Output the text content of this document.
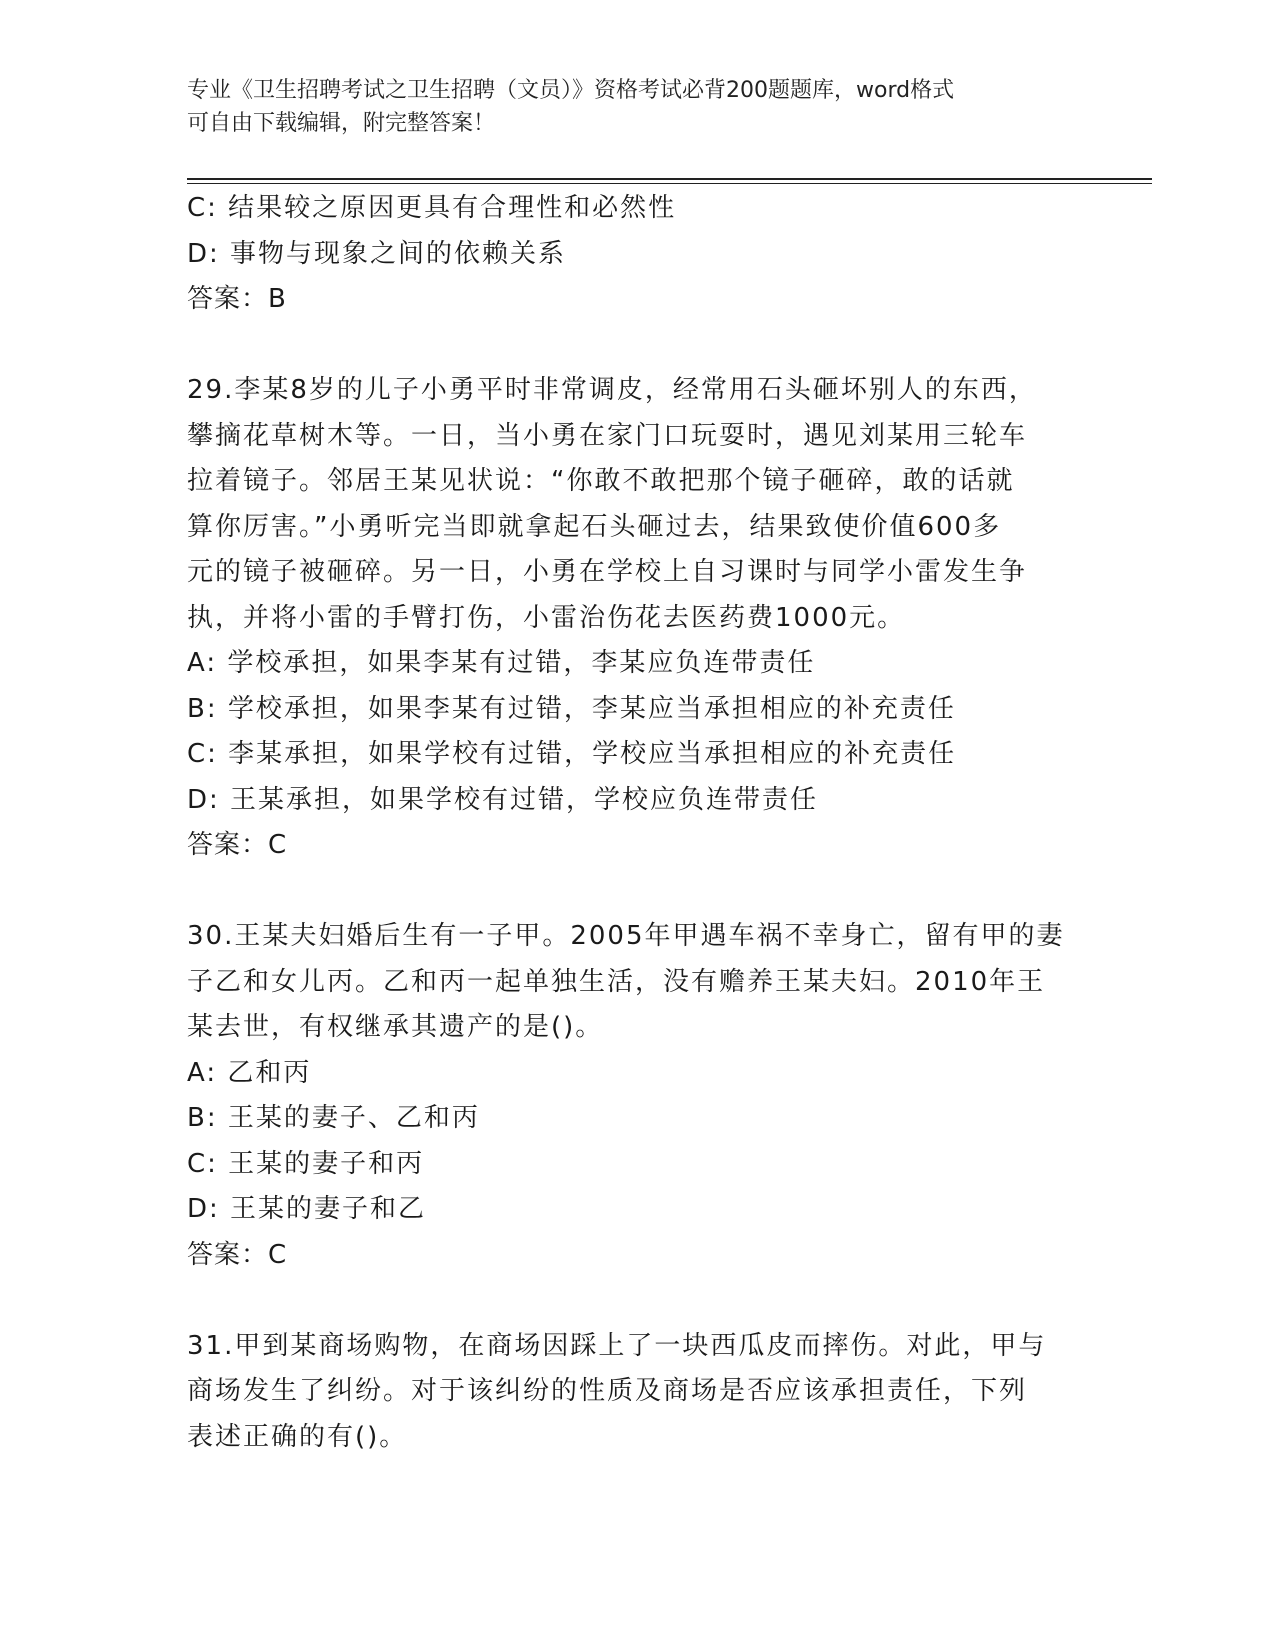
专业《卫生招聘考试之卫生招聘（文员）》资格考试必背200题题库，word格式
可自由下载编辑，附完整答案！
C: 结果较之原因更具有合理性和必然性
D: 事物与现象之间的依赖关系
答案：B
29.李某8岁的儿子小勇平时非常调皮，经常用石头砸坏别人的东西，
攀摘花草树木等。一日，当小勇在家门口玩耍时，遇见刘某用三轮车
拉着镜子。邻居王某见状说：“你敢不敢把那个镜子砸碎，敢的话就
算你厉害。”小勇听完当即就拿起石头砸过去，结果致使价值600多
元的镜子被砸碎。另一日，小勇在学校上自习课时与同学小雷发生争
执，并将小雷的手臂打伤，小雷治伤花去医药费1000元。
A: 学校承担，如果李某有过错，李某应负连带责任
B: 学校承担，如果李某有过错，李某应当承担相应的补充责任
C: 李某承担，如果学校有过错，学校应当承担相应的补充责任
D: 王某承担，如果学校有过错，学校应负连带责任
答案：C
30.王某夫妇婚后生有一子甲。2005年甲遇车祸不幸身亡，留有甲的妻
子乙和女儿丙。乙和丙一起单独生活，没有赡养王某夫妇。2010年王
某去世，有权继承其遗产的是()。
A: 乙和丙
B: 王某的妻子、乙和丙
C: 王某的妻子和丙
D: 王某的妻子和乙
答案：C
31.甲到某商场购物，在商场因踩上了一块西瓜皮而摔伤。对此，甲与
商场发生了纠纷。对于该纠纷的性质及商场是否应该承担责任，下列
表述正确的有()。
